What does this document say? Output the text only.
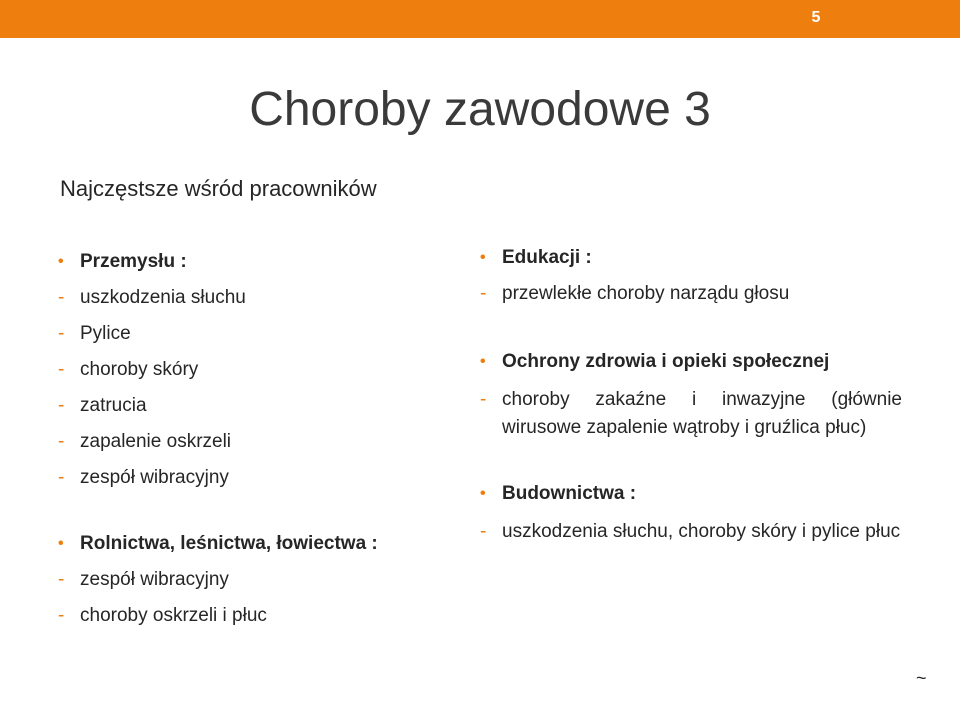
5
Choroby zawodowe 3
Najczęstsze wśród pracowników
• Przemysłu :
- uszkodzenia słuchu
- Pylice
- choroby skóry
- zatrucia
- zapalenie oskrzeli
- zespół wibracyjny
• Rolnictwa, leśnictwa, łowiectwa :
- zespół wibracyjny
- choroby oskrzeli i płuc
• Edukacji :
- przewlekłe choroby narządu głosu
• Ochrony zdrowia i opieki społecznej
- choroby zakaźne i inwazyjne (głównie wirusowe zapalenie wątroby i gruźlica płuc)
• Budownictwa :
- uszkodzenia słuchu, choroby skóry i pylice płuc
~
